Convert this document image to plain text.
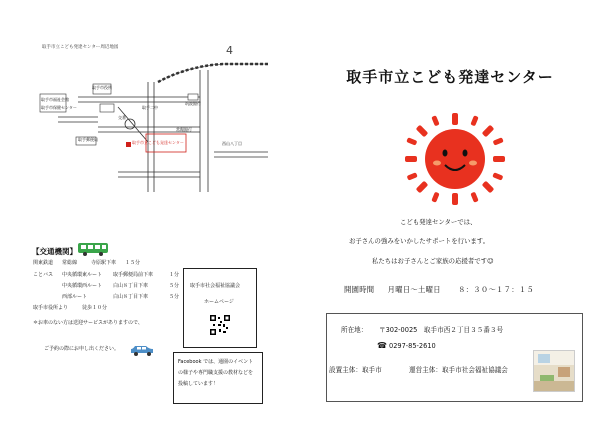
取手市立こども発達センター周辺地図	4
取手市役所
取手市福祉会館
取手市保健センター
取手郵便局
取手市立こども発達センター
筑波銀行
常陽銀行
西山八丁目
交番
取手二中
【交通機関】
関東鉄道 常総線	寺原駅下車 １５分
ことバス 中央循環東ルート 取手郵便局前下車	１分
中央循環西ルート 白山８丁目下車	５分
西部ルート	白山８丁目下車	５分
取手市役所より	徒歩１０分
＊お車のない方は送迎サービスがありますので、
ご予約の際にお申し出ください。
取手市社会福祉協議会
ホームページ
Facebook では、通園のイベント
の様子や専門職支援の教材などを
投稿しています！
取手市立こども発達センター
こども発達センターでは、
お子さんの強みをいかしたサポートを行います。
私たちはお子さんとご家族の応援者です☺
開園時間 月曜日～土曜日 ８：３０～１７：１５
所在地： 〒302-0025　取手市西２丁目３５番３号
☎ 0297-85-2610
設置主体：取手市	運営主体：取手市社会福祉協議会
